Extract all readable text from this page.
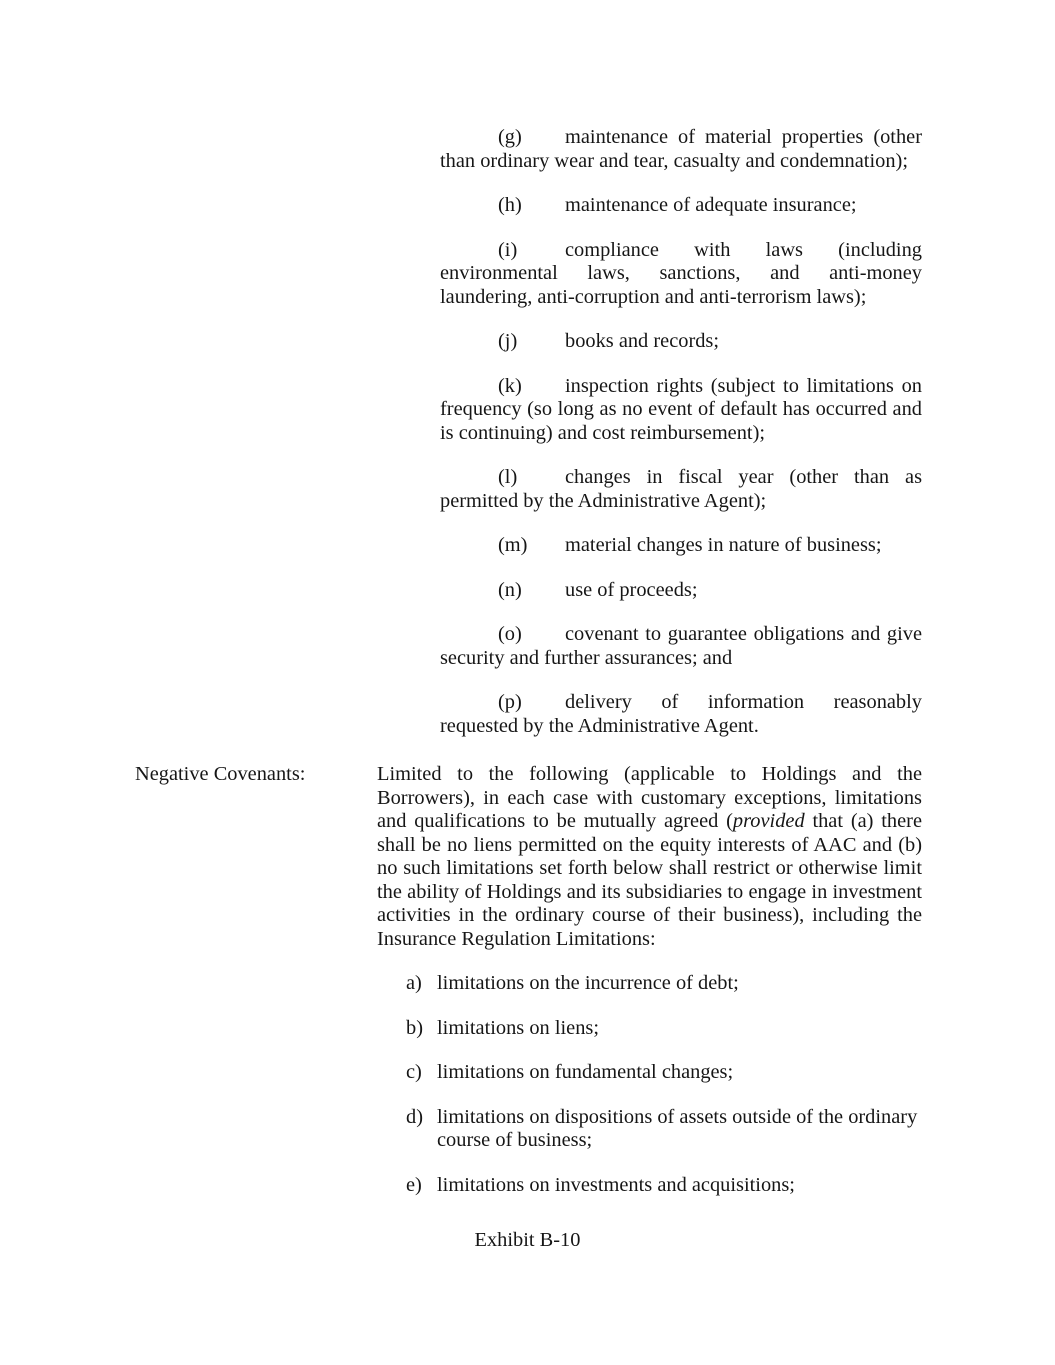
(g) maintenance of material properties (other
than ordinary wear and tear, casualty and condemnation);
(h) maintenance of adequate insurance;
(i) compliance with laws (including
environmental laws, sanctions, and anti-money
laundering, anti-corruption and anti-terrorism laws);
(j) books and records;
(k) inspection rights (subject to limitations on
frequency (so long as no event of default has occurred and
is continuing) and cost reimbursement);
(l) changes in fiscal year (other than as
permitted by the Administrative Agent);
(m) material changes in nature of business;
(n) use of proceeds;
(o) covenant to guarantee obligations and give
security and further assurances; and
(p) delivery of information reasonably
requested by the Administrative Agent.
Negative Covenants:	Limited to the following (applicable to Holdings and the
Borrowers), in each case with customary exceptions, limitations
and qualifications to be mutually agreed (provided that (a) there
shall be no liens permitted on the equity interests of AAC and (b)
no such limitations set forth below shall restrict or otherwise limit
the ability of Holdings and its subsidiaries to engage in investment
activities in the ordinary course of their business), including the
Insurance Regulation Limitations:
a) limitations on the incurrence of debt;
b) limitations on liens;
c) limitations on fundamental changes;
d) limitations on dispositions of assets outside of the ordinary
course of business;
e) limitations on investments and acquisitions;
Exhibit B-10
